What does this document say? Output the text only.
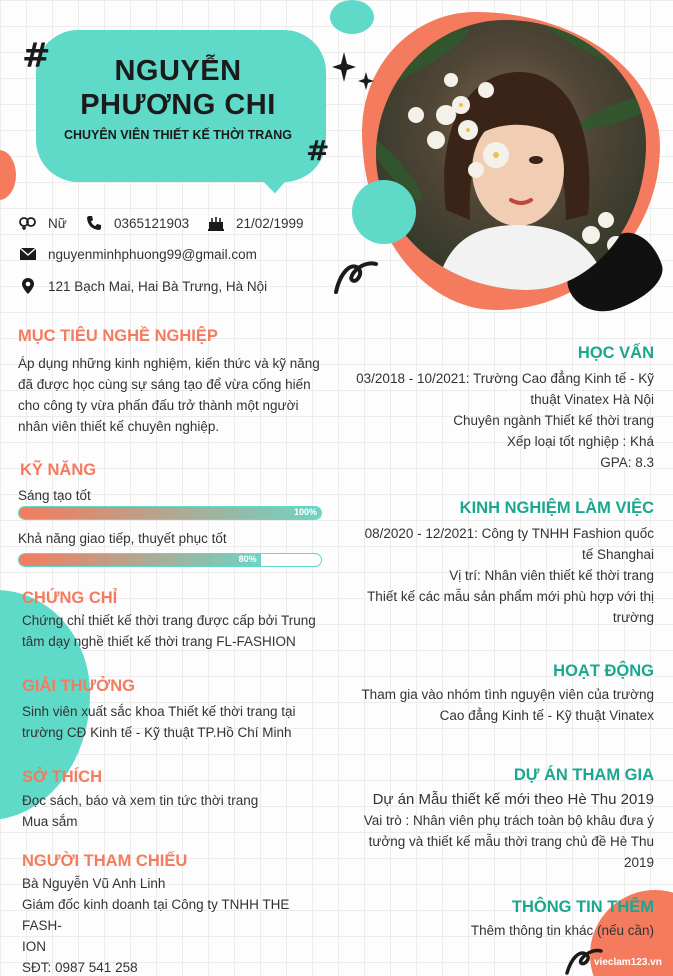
#
#
NGUYỄN
PHƯƠNG CHI
CHUYÊN VIÊN THIẾT KẾ THỜI TRANG
Nữ	0365121903	21/02/1999
nguyenminhphuong99@gmail.com
121 Bạch Mai, Hai Bà Trưng, Hà Nội
MỤC TIÊU NGHỀ NGHIỆP
Áp dụng những kinh nghiệm, kiến thức và kỹ năng
đã được học cùng sự sáng tạo để vừa cống hiến
cho công ty vừa phấn đấu trở thành một người
nhân viên thiết kế chuyên nghiệp.
KỸ NĂNG
Sáng tạo tốt
100%
Khả năng giao tiếp, thuyết phục tốt
80%
CHỨNG CHỈ
Chứng chỉ thiết kế thời trang được cấp bởi Trung
tâm dạy nghề thiết kế thời trang FL-FASHION
GIẢI THƯỞNG
Sinh viên xuất sắc khoa Thiết kế thời trang tại
trường CĐ Kinh tế - Kỹ thuật TP.Hồ Chí Minh
SỞ THÍCH
Đọc sách, báo và xem tin tức thời trang
Mua sắm
NGƯỜI THAM CHIẾU
Bà Nguyễn Vũ Anh Linh
Giám đốc kinh doanh tại Công ty TNHH THE FASH-
ION
SĐT: 0987 541 258
HỌC VẤN
03/2018 - 10/2021: Trường Cao đẳng Kinh tế - Kỹ
thuật Vinatex Hà Nội
Chuyên ngành Thiết kế thời trang
Xếp loại tốt nghiệp : Khá
GPA: 8.3
KINH NGHIỆM LÀM VIỆC
08/2020 - 12/2021: Công ty TNHH Fashion quốc
tế Shanghai
Vị trí: Nhân viên thiết kế thời trang
Thiết kế các mẫu sản phẩm mới phù hợp với thị
trường
HOẠT ĐỘNG
Tham gia vào nhóm tình nguyện viên của trường
Cao đẳng Kinh tế - Kỹ thuật Vinatex
DỰ ÁN THAM GIA
Dự án Mẫu thiết kế mới theo Hè Thu 2019
Vai trò : Nhân viên phụ trách toàn bộ khâu đưa ý
tưởng và thiết kế mẫu thời trang chủ đề Hè Thu
2019
THÔNG TIN THÊM
Thêm thông tin khác (nếu cần)
vieclam123.vn
